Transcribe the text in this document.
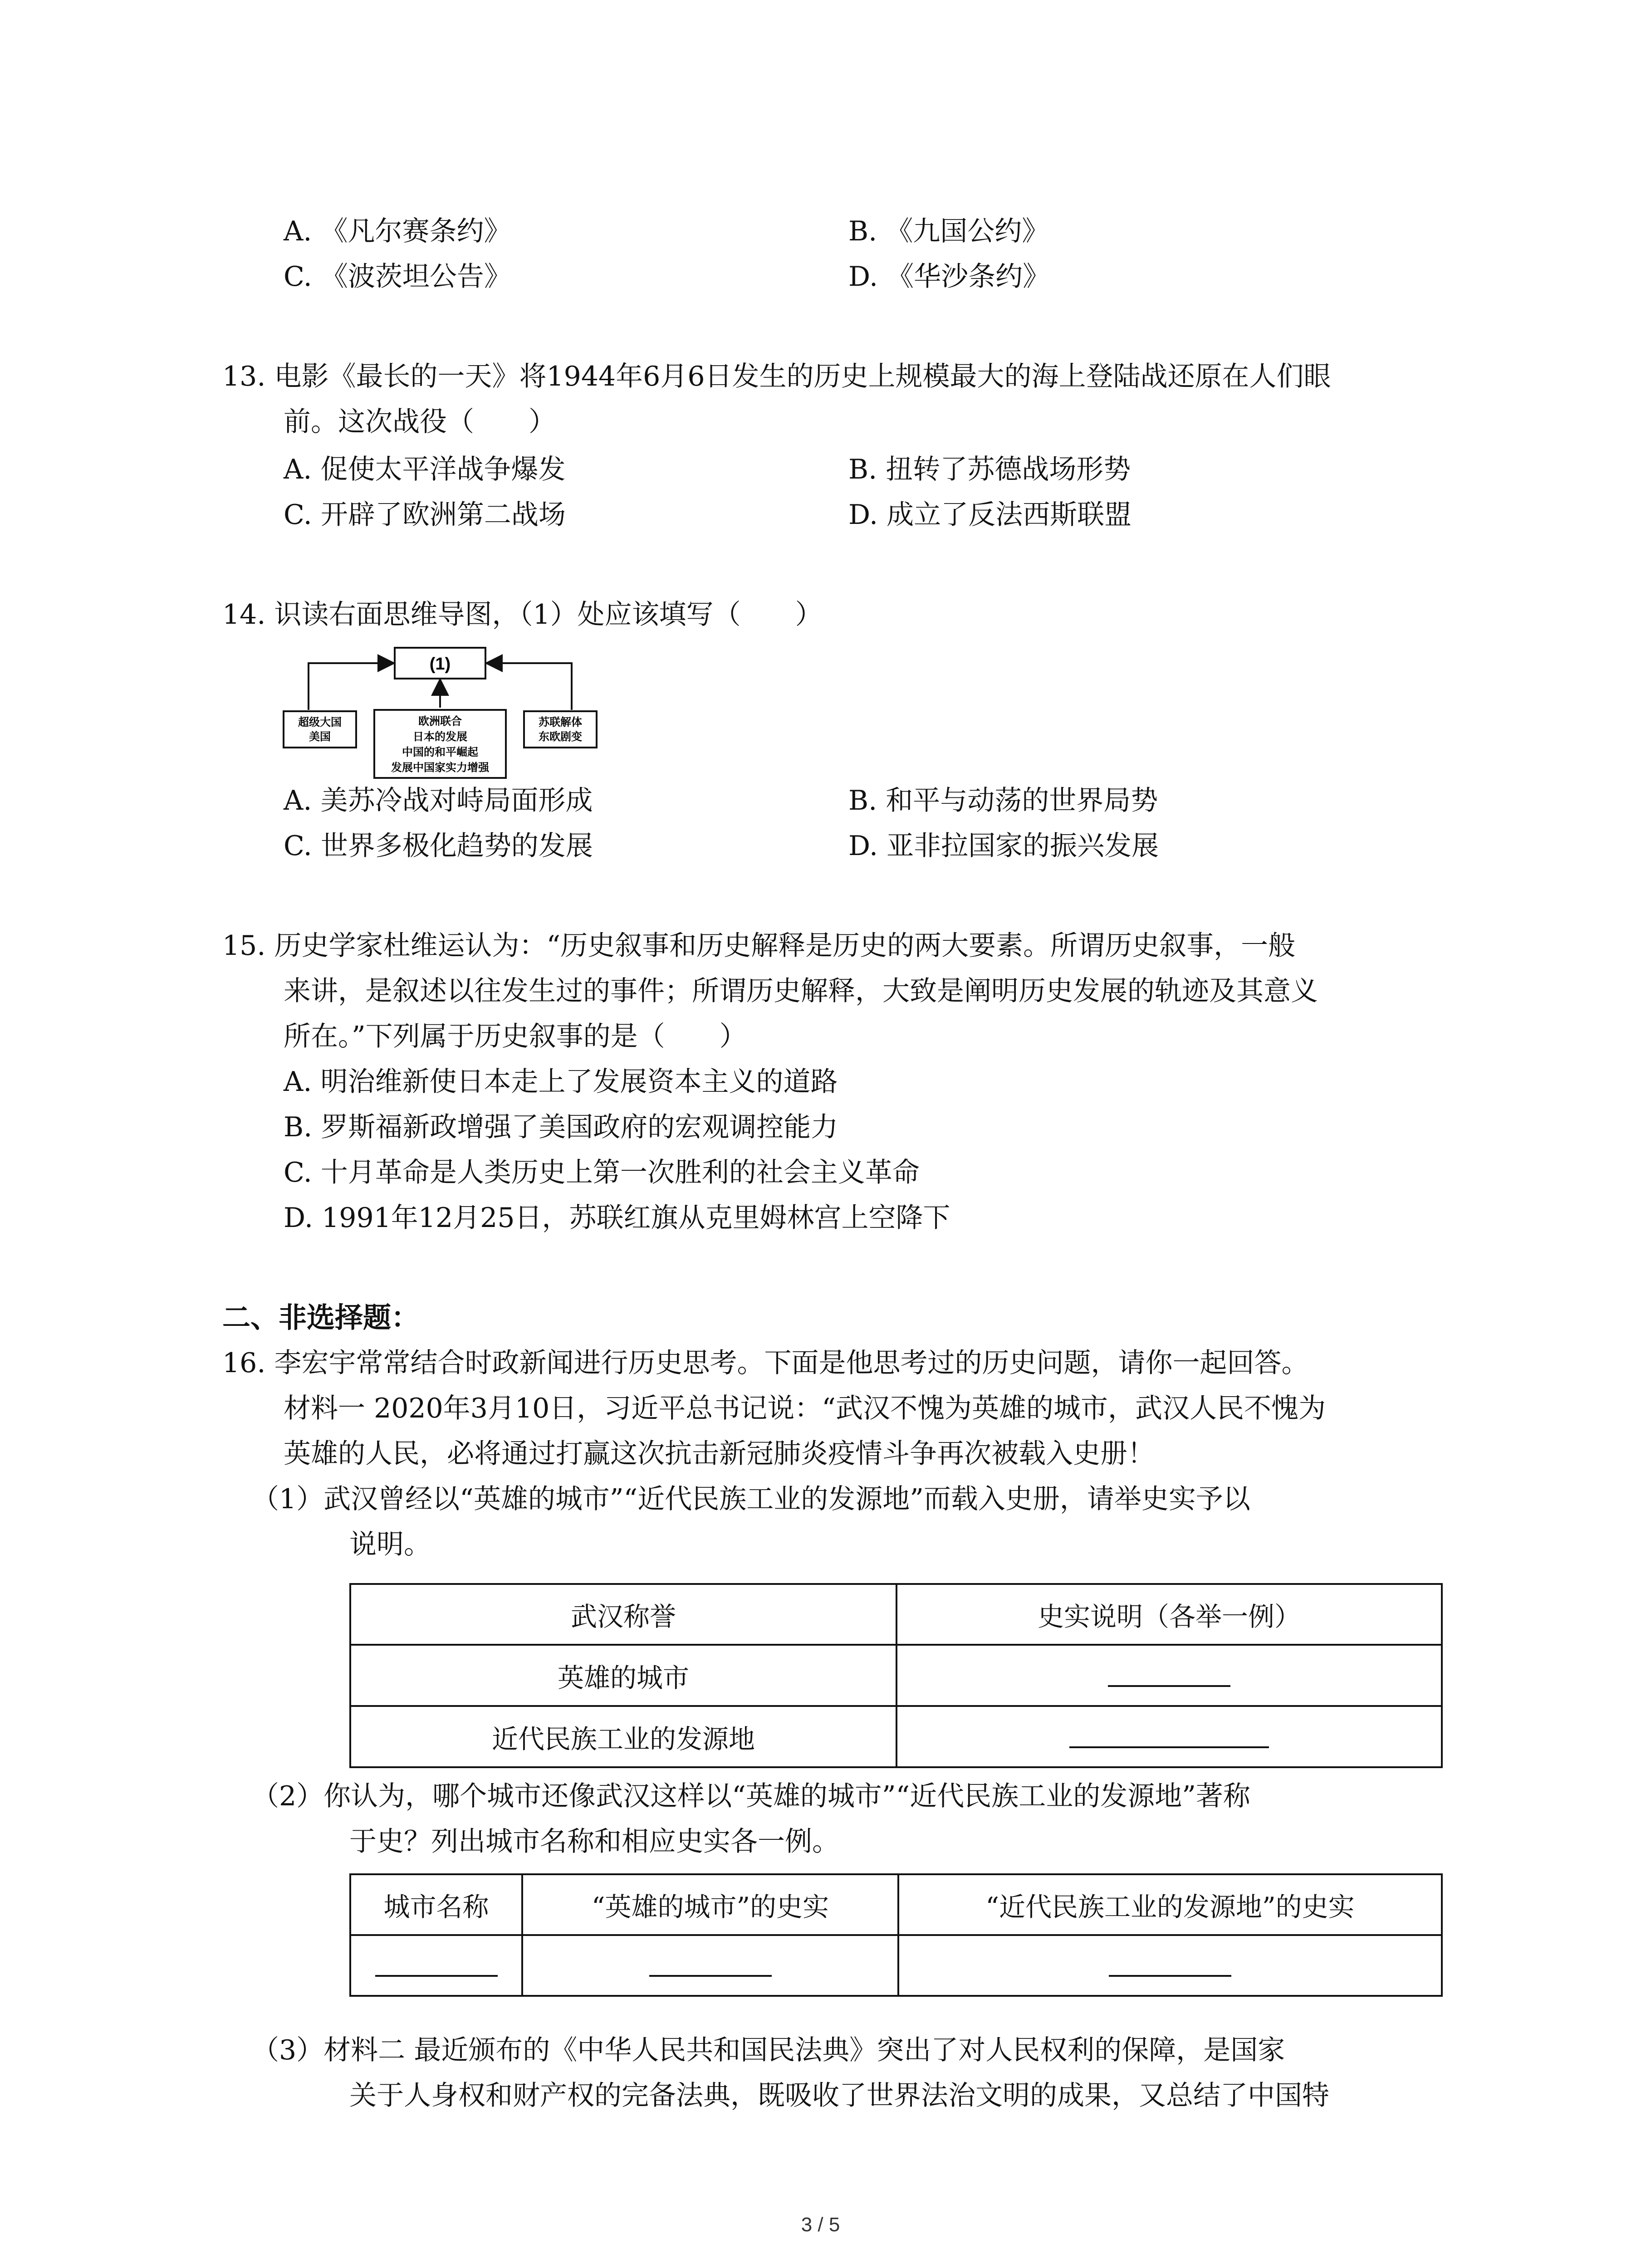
A. 《凡尔赛条约》	B. 《九国公约》
C. 《波茨坦公告》	D. 《华沙条约》
13. 电影《最长的一天》将1944年6月6日发生的历史上规模最大的海上登陆战还原在人们眼
前。这次战役（　　）
A. 促使太平洋战争爆发	B. 扭转了苏德战场形势
C. 开辟了欧洲第二战场	D. 成立了反法西斯联盟
14. 识读右面思维导图，（1）处应该填写（　　）
(1)
超级大国
美国
欧洲联合
日本的发展
中国的和平崛起
发展中国家实力增强
苏联解体
东欧剧变
A. 美苏冷战对峙局面形成	B. 和平与动荡的世界局势
C. 世界多极化趋势的发展	D. 亚非拉国家的振兴发展
15. 历史学家杜维运认为：“历史叙事和历史解释是历史的两大要素。所谓历史叙事，一般
来讲，是叙述以往发生过的事件；所谓历史解释，大致是阐明历史发展的轨迹及其意义
所在。”下列属于历史叙事的是（　　）
A. 明治维新使日本走上了发展资本主义的道路
B. 罗斯福新政增强了美国政府的宏观调控能力
C. 十月革命是人类历史上第一次胜利的社会主义革命
D. 1991年12月25日，苏联红旗从克里姆林宫上空降下
二、非选择题：
16. 李宏宇常常结合时政新闻进行历史思考。下面是他思考过的历史问题，请你一起回答。
材料一 2020年3月10日，习近平总书记说：“武汉不愧为英雄的城市，武汉人民不愧为
英雄的人民，必将通过打赢这次抗击新冠肺炎疫情斗争再次被载入史册！
（1）武汉曾经以“英雄的城市”“近代民族工业的发源地”而载入史册，请举史实予以
说明。
武汉称誉	史实说明（各举一例）
英雄的城市	
近代民族工业的发源地	
（2）你认为，哪个城市还像武汉这样以“英雄的城市”“近代民族工业的发源地”著称
于史？列出城市名称和相应史实各一例。
城市名称	“英雄的城市”的史实	“近代民族工业的发源地”的史实

（3）材料二 最近颁布的《中华人民共和国民法典》突出了对人民权利的保障，是国家
关于人身权和财产权的完备法典，既吸收了世界法治文明的成果，又总结了中国特
3 / 5
